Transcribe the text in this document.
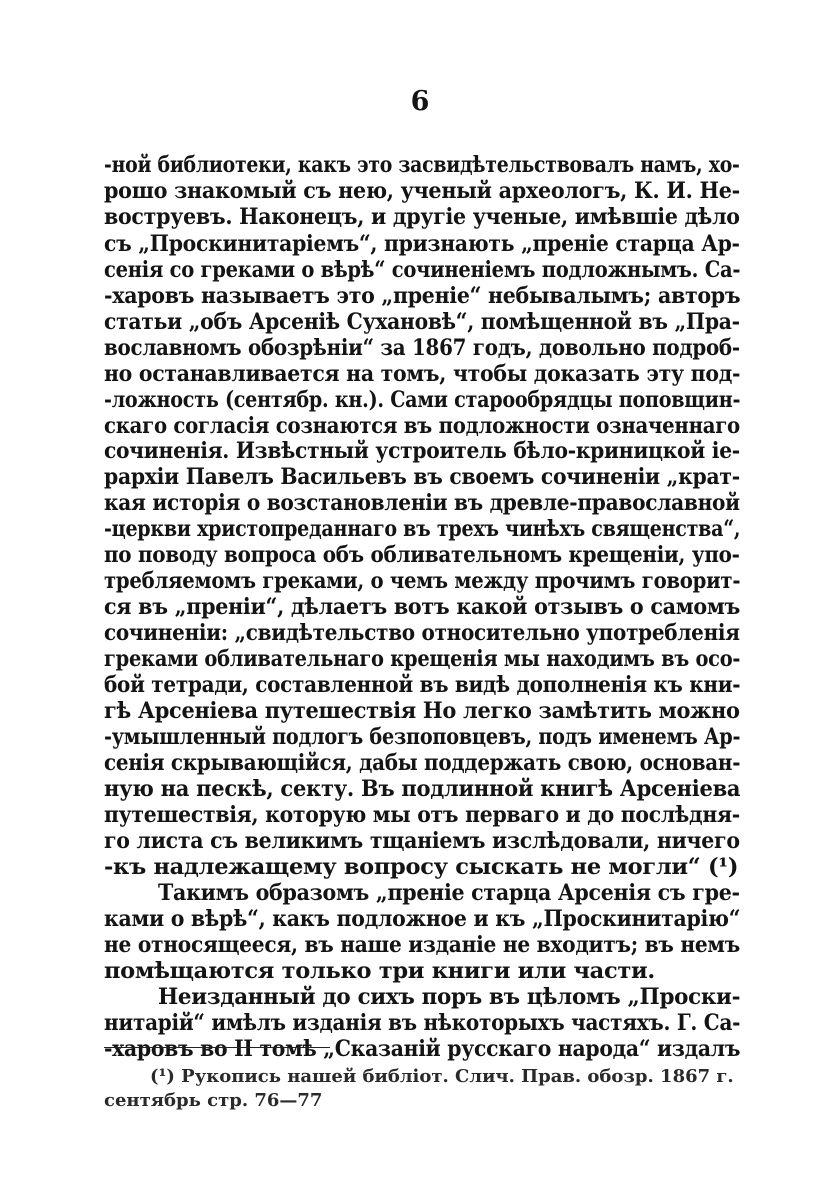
6
-ной библиотеки, какъ это засвидѣтельствовалъ намъ, хо-
рошо знакомый съ нею, ученый археологъ, К. И. Не-
воструевъ. Наконецъ, и другіе ученые, имѣвшіе дѣло
съ „Проскинитаріемъ“, признають „преніе старца Ар-
сенія со греками о вѣрѣ“ сочиненіемъ подложнымъ. Са-
-харовъ называетъ это „преніе“ небывалымъ; авторъ
статьи „объ Арсеніѣ Сухановѣ“, помѣщенной въ „Пра-
вославномъ обозрѣніи“ за 1867 годъ, довольно подроб-
но останавливается на томъ, чтобы доказать эту под-
-ложность (сентябр. кн.). Сами старообрядцы поповщин-
скаго согласія сознаются въ подложности означеннаго
сочиненія. Извѣстный устроитель бѣло-криницкой іе-
рархіи Павелъ Васильевъ въ своемъ сочиненіи „крат-
кая исторія о возстановленіи въ древле-православной
-церкви христопреданнаго въ трехъ чинѣхъ священства“,
по поводу вопроса объ обливательномъ крещеніи, упо-
требляемомъ греками, о чемъ между прочимъ говорит-
ся въ „преніи“, дѣлаетъ вотъ какой отзывъ о самомъ
сочиненіи: „свидѣтельство относительно употребленія
греками обливательнаго крещенія мы находимъ въ осо-
бой тетради, составленной въ видѣ дополненія къ кни-
гѣ Арсеніева путешествія Но легко замѣтить можно
-умышленный подлогъ безпоповцевъ, подъ именемъ Ар-
сенія скрывающійся, дабы поддержать свою, основан-
ную на пескѣ, секту. Въ подлинной книгѣ Арсеніева
путешествія, которую мы отъ перваго и до послѣдня-
го листа съ великимъ тщаніемъ изслѣдовали, ничего
-къ надлежащему вопросу сыскать не могли“ (¹)
Такимъ образомъ „преніе старца Арсенія съ гре-
ками о вѣрѣ“, какъ подложное и къ „Проскинитарію“
не относящееся, въ наше изданіе не входитъ; въ немъ
помѣщаются только три книги или части.
Неизданный до сихъ поръ въ цѣломъ „Проски-
нитарій“ имѣлъ изданія въ нѣкоторыхъ частяхъ. Г. Са-
-харовъ во II томѣ „Сказаній русскаго народа“ издалъ
(¹) Рукопись нашей библіот. Слич. Прав. обозр. 1867 г.
сентябрь стр. 76—77
